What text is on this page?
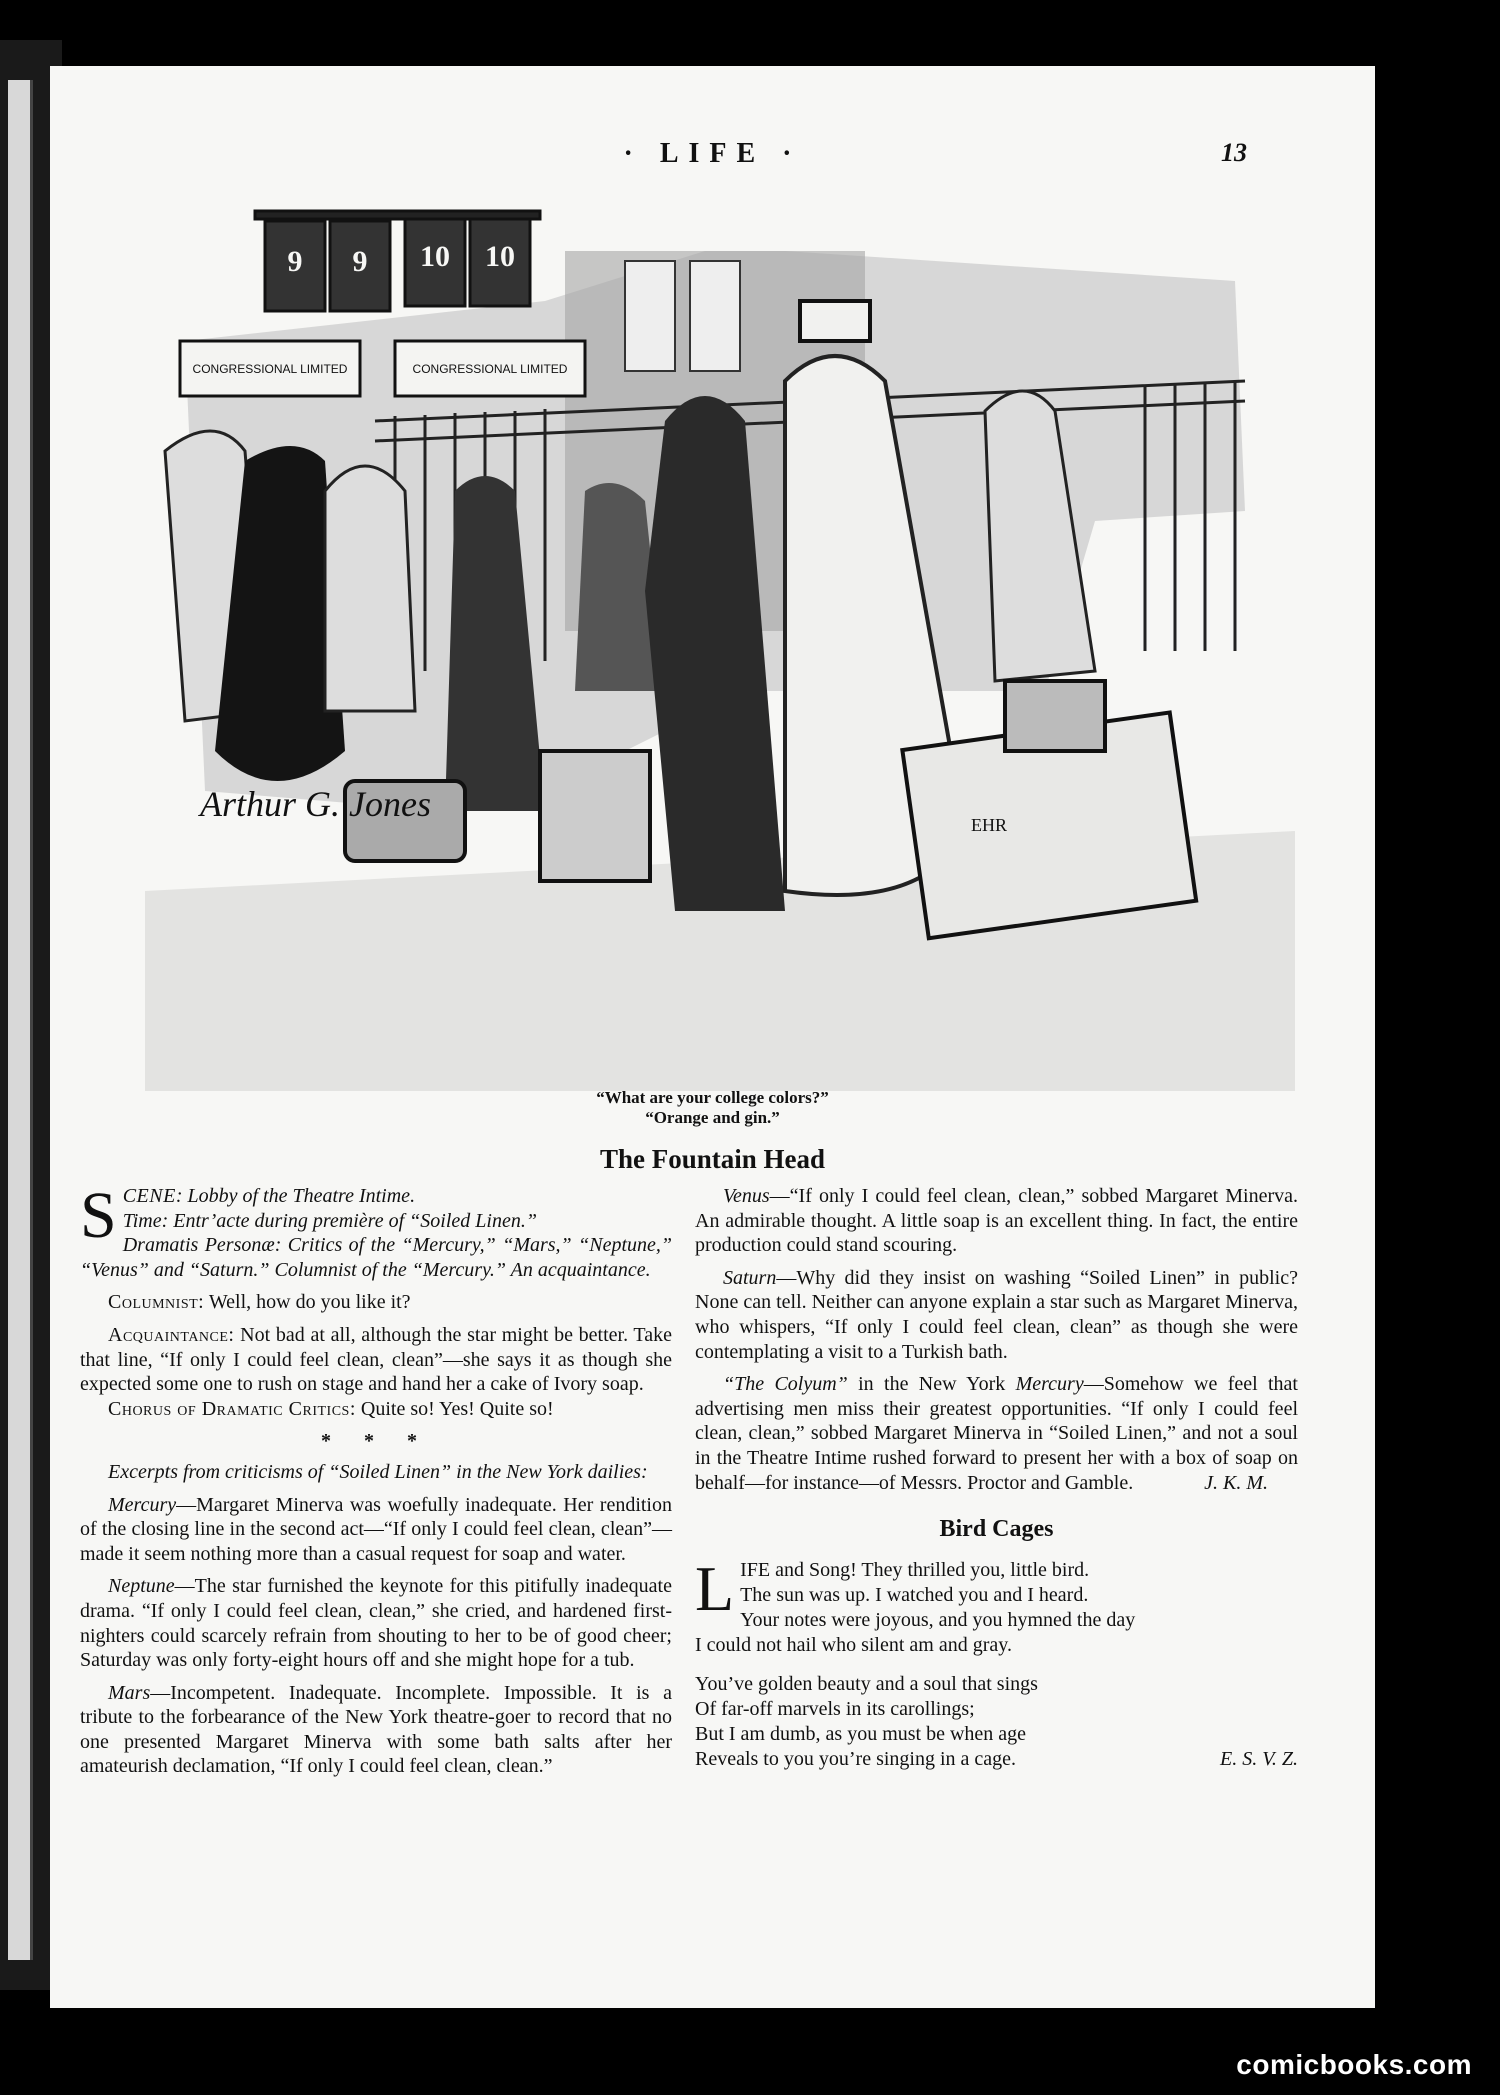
· LIFE ·	13
9 9 10 10
CONGRESSIONAL LIMITED	CONGRESSIONAL LIMITED
EHR
Arthur G. Jones
“What are your college colors?”
“Orange and gin.”
The Fountain Head

SCENE: Lobby of the Theatre Intime.
Time: Entr’acte during première of “Soiled Linen.”
Dramatis Personæ: Critics of the “Mercury,” “Mars,” “Neptune,” “Venus” and “Saturn.” Columnist of the “Mercury.” An acquaintance.

Columnist: Well, how do you like it?

Acquaintance: Not bad at all, although the star might be better. Take that line, “If only I could feel clean, clean”—she says it as though she expected some one to rush on stage and hand her a cake of Ivory soap.

Chorus of Dramatic Critics: Quite so! Yes! Quite so!

* * *

Excerpts from criticisms of “Soiled Linen” in the New York dailies:

Mercury—Margaret Minerva was woefully inadequate. Her rendition of the closing line in the second act—“If only I could feel clean, clean”—made it seem nothing more than a casual request for soap and water.

Neptune—The star furnished the keynote for this pitifully inadequate drama. “If only I could feel clean, clean,” she cried, and hardened first-nighters could scarcely refrain from shouting to her to be of good cheer; Saturday was only forty-eight hours off and she might hope for a tub.

Mars—Incompetent. Inadequate. Incomplete. Impossible. It is a tribute to the forbearance of the New York theatre-goer to record that no one presented Margaret Minerva with some bath salts after her amateurish declamation, “If only I could feel clean, clean.”

Venus—“If only I could feel clean, clean,” sobbed Margaret Minerva. An admirable thought. A little soap is an excellent thing. In fact, the entire production could stand scouring.

Saturn—Why did they insist on washing “Soiled Linen” in public? None can tell. Neither can anyone explain a star such as Margaret Minerva, who whispers, “If only I could feel clean, clean” as though she were contemplating a visit to a Turkish bath.

“The Colyum” in the New York Mercury—Somehow we feel that advertising men miss their greatest opportunities. “If only I could feel clean, clean,” sobbed Margaret Minerva in “Soiled Linen,” and not a soul in the Theatre Intime rushed forward to present her with a box of soap on behalf—for instance—of Messrs. Proctor and Gamble.	J. K. M.

Bird Cages
L IFE and Song! They thrilled you, little bird.
The sun was up. I watched you and I heard.
Your notes were joyous, and you hymned the day
I could not hail who silent am and gray.
You’ve golden beauty and a soul that sings
Of far-off marvels in its carollings;
But I am dumb, as you must be when age
Reveals to you you’re singing in a cage.	E. S. V. Z.
comicbooks.com
